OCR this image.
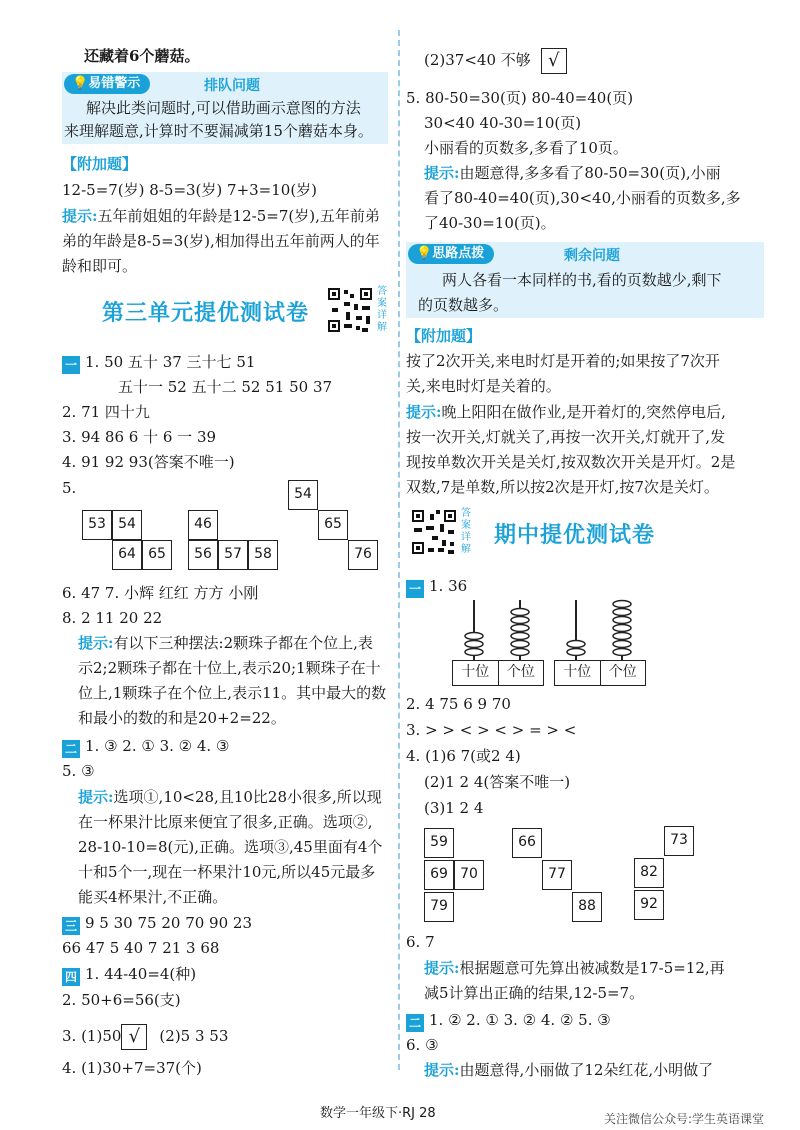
还藏着6个蘑菇。
💡易错警示	排队问题
解决此类问题时,可以借助画示意图的方法
来理解题意,计算时不要漏减第15个蘑菇本身。
【附加题】
12-5=7(岁) 8-5=3(岁) 7+3=10(岁)
提示:五年前姐姐的年龄是12-5=7(岁),五年前弟
弟的年龄是8-5=3(岁),相加得出五年前两人的年
龄和即可。
第三单元提优测试卷
答案详解
一 1. 50 五十 37 三十七 51
五十一 52 五十二 52 51 50 37
2. 71 四十九
3. 94 86 6 十 6 一 39
4. 91 92 93(答案不唯一)
5.
53 54
64 65
46
56 57 58
54
65
76
6. 47 7. 小辉 红红 方方 小刚
8. 2 11 20 22
提示:有以下三种摆法:2颗珠子都在个位上,表
示2;2颗珠子都在十位上,表示20;1颗珠子在十
位上,1颗珠子在个位上,表示11。其中最大的数
和最小的数的和是20+2=22。
二 1. ③ 2. ① 3. ② 4. ③
5. ③
提示:选项①,10<28,且10比28小很多,所以现
在一杯果汁比原来便宜了很多,正确。选项②,
28-10-10=8(元),正确。选项③,45里面有4个
十和5个一,现在一杯果汁10元,所以45元最多
能买4杯果汁,不正确。
三 9 5 30 75 20 70 90 23
66 47 5 40 7 21 3 68
四 1. 44-40=4(种)
2. 50+6=56(支)
3. (1)50 √ (2)5 3 53
4. (1)30+7=37(个)
(2)37<40 不够 √
5. 80-50=30(页) 80-40=40(页)
30<40 40-30=10(页)
小丽看的页数多,多看了10页。
提示:由题意得,多多看了80-50=30(页),小丽
看了80-40=40(页),30<40,小丽看的页数多,多
了40-30=10(页)。
💡思路点拨	剩余问题
两人各看一本同样的书,看的页数越少,剩下
的页数越多。
【附加题】
按了2次开关,来电时灯是开着的;如果按了7次开
关,来电时灯是关着的。
提示:晚上阳阳在做作业,是开着灯的,突然停电后,
按一次开关,灯就关了,再按一次开关,灯就开了,发
现按单数次开关是关灯,按双数次开关是开灯。2是
双数,7是单数,所以按2次是开灯,按7次是关灯。
答案详解
期中提优测试卷
一 1. 36
十位	个位	十位	个位
2. 4 75 6 9 70
3. > > < > < > = > <
4. (1)6 7(或2 4)
(2)1 2 4(答案不唯一)
(3)1 2 4
59
69 70
79
66
77
88
73
82
92
6. 7
提示:根据题意可先算出被减数是17-5=12,再
减5计算出正确的结果,12-5=7。
二 1. ② 2. ① 3. ② 4. ② 5. ③
6. ③
提示:由题意得,小丽做了12朵红花,小明做了
数学一年级下·RJ 28	关注微信公众号:学生英语课堂
